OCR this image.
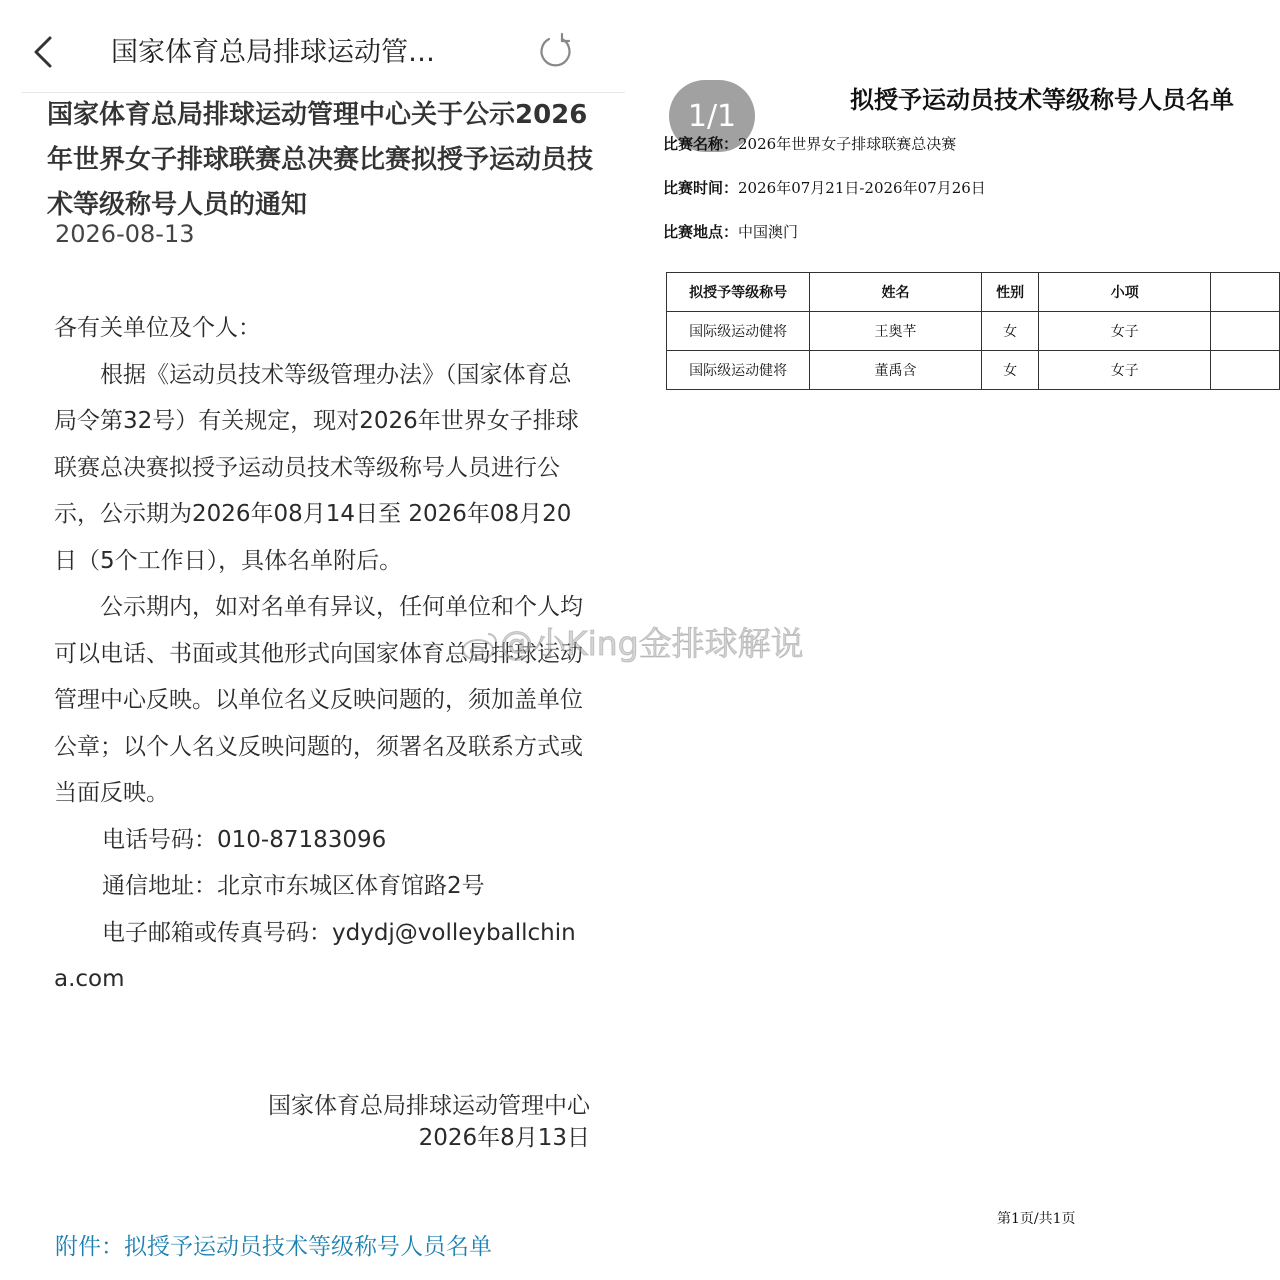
国家体育总局排球运动管…
国家体育总局排球运动管理中心关于公示2026年世界女子排球联赛总决赛比赛拟授予运动员技术等级称号人员的通知
2026-08-13

各有关单位及个人：

根据《运动员技术等级管理办法》（国家体育总局令第32号）有关规定，现对2026年世界女子排球联赛总决赛拟授予运动员技术等级称号人员进行公示，公示期为2026年08月14日至 2026年08月20日（5个工作日），具体名单附后。

公示期内，如对名单有异议，任何单位和个人均可以电话、书面或其他形式向国家体育总局排球运动管理中心反映。以单位名义反映问题的，须加盖单位公章；以个人名义反映问题的，须署名及联系方式或当面反映。

电话号码：010-87183096

通信地址：北京市东城区体育馆路2号

电子邮箱或传真号码：ydydj@volleyballchina.com

国家体育总局排球运动管理中心
2026年8月13日
附件：拟授予运动员技术等级称号人员名单
1/1	拟授予运动员技术等级称号人员名单
比赛名称：2026年世界女子排球联赛总决赛
比赛时间：2026年07月21日-2026年07月26日
比赛地点：中国澳门
拟授予等级称号	姓名	性别	小项	
国际级运动健将	王奥芊	女	女子	
国际级运动健将	董禹含	女	女子	
第1页/共1页
@小King金排球解说
